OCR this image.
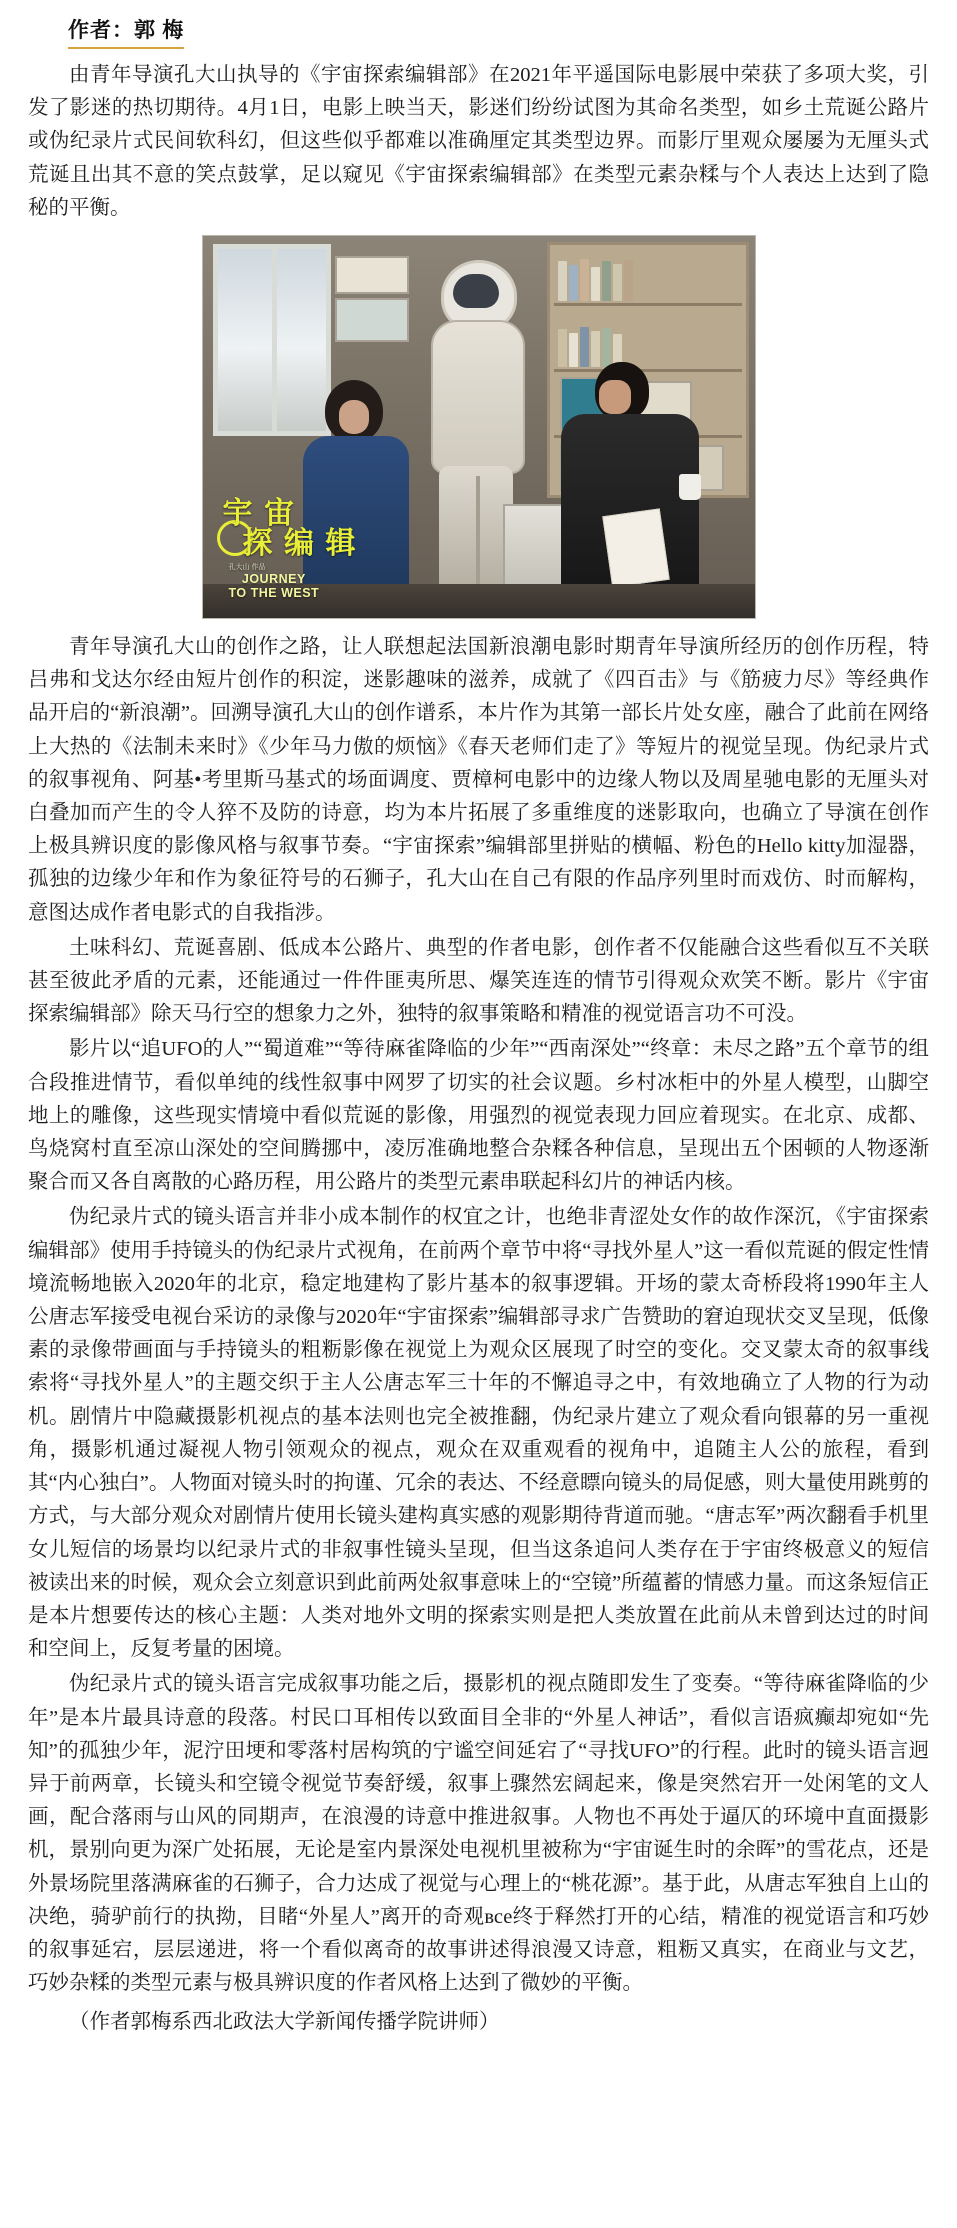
作者：郭 梅

由青年导演孔大山执导的《宇宙探索编辑部》在2021年平遥国际电影展中荣获了多项大奖，引发了影迷的热切期待。4月1日，电影上映当天，影迷们纷纷试图为其命名类型，如乡土荒诞公路片或伪纪录片式民间软科幻，但这些似乎都难以准确厘定其类型边界。而影厅里观众屡屡为无厘头式荒诞且出其不意的笑点鼓掌，足以窥见《宇宙探索编辑部》在类型元素杂糅与个人表达上达到了隐秘的平衡。

宇 宙
探 编 辑
孔大山 作品
JOURNEY
TO THE WEST

青年导演孔大山的创作之路，让人联想起法国新浪潮电影时期青年导演所经历的创作历程，特吕弗和戈达尔经由短片创作的积淀，迷影趣味的滋养，成就了《四百击》与《筋疲力尽》等经典作品开启的“新浪潮”。回溯导演孔大山的创作谱系，本片作为其第一部长片处女座，融合了此前在网络上大热的《法制未来时》《少年马力傲的烦恼》《春天老师们走了》等短片的视觉呈现。伪纪录片式的叙事视角、阿基•考里斯马基式的场面调度、贾樟柯电影中的边缘人物以及周星驰电影的无厘头对白叠加而产生的令人猝不及防的诗意，均为本片拓展了多重维度的迷影取向，也确立了导演在创作上极具辨识度的影像风格与叙事节奏。“宇宙探索”编辑部里拼贴的横幅、粉色的Hello kitty加湿器，孤独的边缘少年和作为象征符号的石狮子，孔大山在自己有限的作品序列里时而戏仿、时而解构，意图达成作者电影式的自我指涉。

土味科幻、荒诞喜剧、低成本公路片、典型的作者电影，创作者不仅能融合这些看似互不关联甚至彼此矛盾的元素，还能通过一件件匪夷所思、爆笑连连的情节引得观众欢笑不断。影片《宇宙探索编辑部》除天马行空的想象力之外，独特的叙事策略和精准的视觉语言功不可没。

影片以“追UFO的人”“蜀道难”“等待麻雀降临的少年”“西南深处”“终章：未尽之路”五个章节的组合段推进情节，看似单纯的线性叙事中网罗了切实的社会议题。乡村冰柜中的外星人模型，山脚空地上的雕像，这些现实情境中看似荒诞的影像，用强烈的视觉表现力回应着现实。在北京、成都、鸟烧窝村直至凉山深处的空间腾挪中，凌厉准确地整合杂糅各种信息，呈现出五个困顿的人物逐渐聚合而又各自离散的心路历程，用公路片的类型元素串联起科幻片的神话内核。

伪纪录片式的镜头语言并非小成本制作的权宜之计，也绝非青涩处女作的故作深沉，《宇宙探索编辑部》使用手持镜头的伪纪录片式视角，在前两个章节中将“寻找外星人”这一看似荒诞的假定性情境流畅地嵌入2020年的北京，稳定地建构了影片基本的叙事逻辑。开场的蒙太奇桥段将1990年主人公唐志军接受电视台采访的录像与2020年“宇宙探索”编辑部寻求广告赞助的窘迫现状交叉呈现，低像素的录像带画面与手持镜头的粗粝影像在视觉上为观众区展现了时空的变化。交叉蒙太奇的叙事线索将“寻找外星人”的主题交织于主人公唐志军三十年的不懈追寻之中，有效地确立了人物的行为动机。剧情片中隐藏摄影机视点的基本法则也完全被推翻，伪纪录片建立了观众看向银幕的另一重视角，摄影机通过凝视人物引领观众的视点，观众在双重观看的视角中，追随主人公的旅程，看到其“内心独白”。人物面对镜头时的拘谨、冗余的表达、不经意瞟向镜头的局促感，则大量使用跳剪的方式，与大部分观众对剧情片使用长镜头建构真实感的观影期待背道而驰。“唐志军”两次翻看手机里女儿短信的场景均以纪录片式的非叙事性镜头呈现，但当这条追问人类存在于宇宙终极意义的短信被读出来的时候，观众会立刻意识到此前两处叙事意味上的“空镜”所蕴蓄的情感力量。而这条短信正是本片想要传达的核心主题：人类对地外文明的探索实则是把人类放置在此前从未曾到达过的时间和空间上，反复考量的困境。

伪纪录片式的镜头语言完成叙事功能之后，摄影机的视点随即发生了变奏。“等待麻雀降临的少年”是本片最具诗意的段落。村民口耳相传以致面目全非的“外星人神话”，看似言语疯癫却宛如“先知”的孤独少年，泥泞田埂和零落村居构筑的宁谧空间延宕了“寻找UFO”的行程。此时的镜头语言迥异于前两章，长镜头和空镜令视觉节奏舒缓，叙事上骤然宏阔起来，像是突然宕开一处闲笔的文人画，配合落雨与山风的同期声，在浪漫的诗意中推进叙事。人物也不再处于逼仄的环境中直面摄影机，景别向更为深广处拓展，无论是室内景深处电视机里被称为“宇宙诞生时的余晖”的雪花点，还是外景场院里落满麻雀的石狮子，合力达成了视觉与心理上的“桃花源”。基于此，从唐志军独自上山的决绝，骑驴前行的执拗，目睹“外星人”离开的奇观все终于释然打开的心结，精准的视觉语言和巧妙的叙事延宕，层层递进，将一个看似离奇的故事讲述得浪漫又诗意，粗粝又真实，在商业与文艺，巧妙杂糅的类型元素与极具辨识度的作者风格上达到了微妙的平衡。

（作者郭梅系西北政法大学新闻传播学院讲师）
